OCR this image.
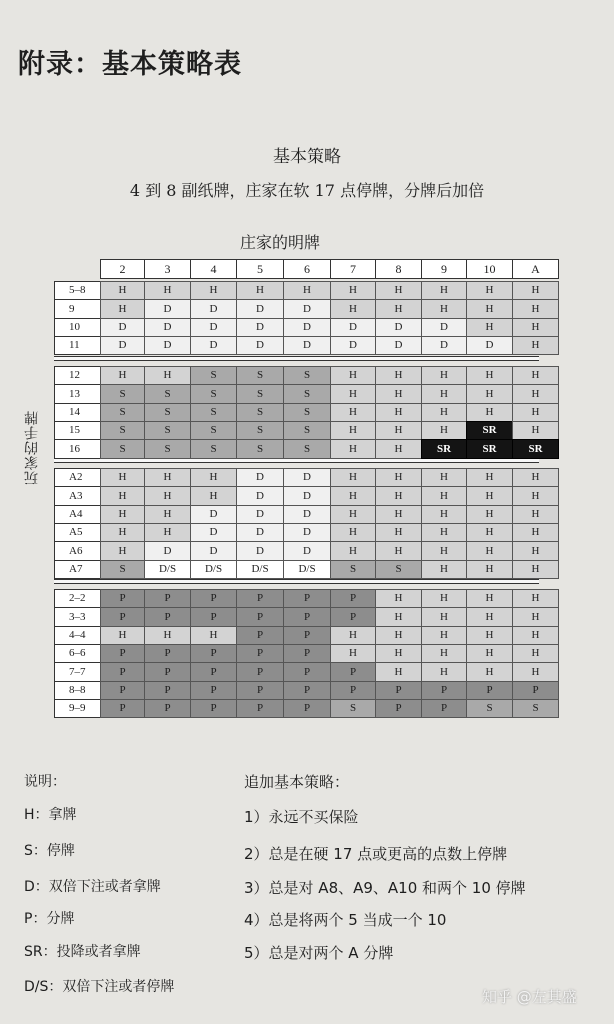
附录：基本策略表
基本策略
4 到 8 副纸牌，庄家在软 17 点停牌，分牌后加倍
庄家的明牌
玩家的手牌
2	3	4	5	6	7	8	9	10	A
5–8	H	H	H	H	H	H	H	H	H	H
9	H	D	D	D	D	H	H	H	H	H
10	D	D	D	D	D	D	D	D	H	H
11	D	D	D	D	D	D	D	D	D	H
12	H	H	S	S	S	H	H	H	H	H
13	S	S	S	S	S	H	H	H	H	H
14	S	S	S	S	S	H	H	H	H	H
15	S	S	S	S	S	H	H	H	SR	H
16	S	S	S	S	S	H	H	SR	SR	SR
A2	H	H	H	D	D	H	H	H	H	H
A3	H	H	H	D	D	H	H	H	H	H
A4	H	H	D	D	D	H	H	H	H	H
A5	H	H	D	D	D	H	H	H	H	H
A6	H	D	D	D	D	H	H	H	H	H
A7	S	D/S	D/S	D/S	D/S	S	S	H	H	H
2–2	P	P	P	P	P	P	H	H	H	H
3–3	P	P	P	P	P	P	H	H	H	H
4–4	H	H	H	P	P	H	H	H	H	H
6–6	P	P	P	P	P	H	H	H	H	H
7–7	P	P	P	P	P	P	H	H	H	H
8–8	P	P	P	P	P	P	P	P	P	P
9–9	P	P	P	P	P	S	P	P	S	S
说明：
H：拿牌
S：停牌
D：双倍下注或者拿牌
P：分牌
SR：投降或者拿牌
D/S：双倍下注或者停牌
追加基本策略：
1）永远不买保险
2）总是在硬 17 点或更高的点数上停牌
3）总是对 A8、A9、A10 和两个 10 停牌
4）总是将两个 5 当成一个 10
5）总是对两个 A 分牌
知乎 @左其盛
